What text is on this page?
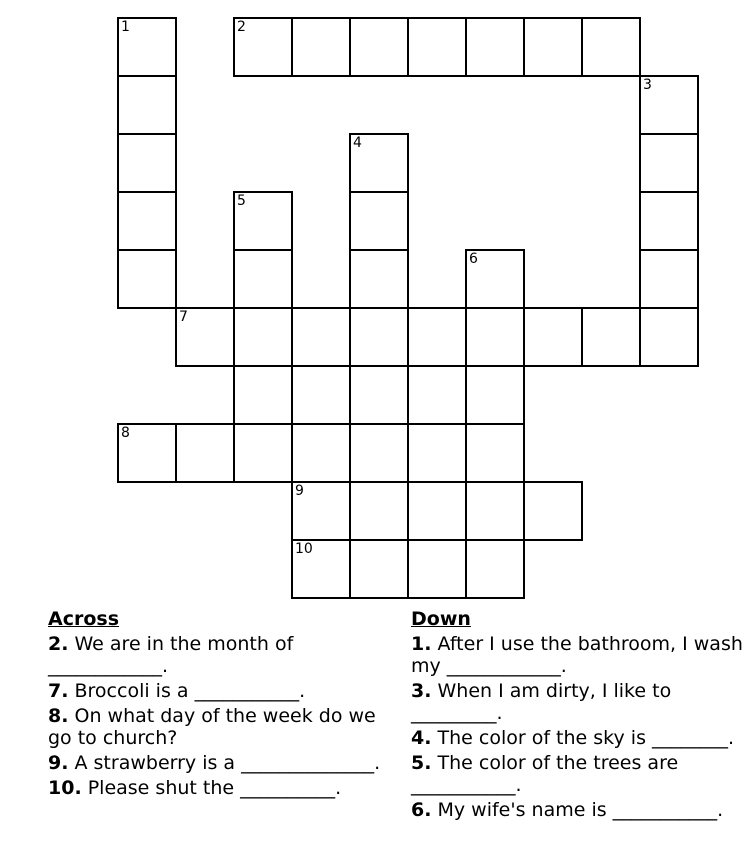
1	2
3
4
5
6
7
8
9
10
Across
2. We are in the month of ____________.
7. Broccoli is a ___________.
8. On what day of the week do we go to church?
9. A strawberry is a ______________.
10. Please shut the __________.
Down
1. After I use the bathroom, I wash my ____________.
3. When I am dirty, I like to _________.
4. The color of the sky is ________.
5. The color of the trees are ___________.
6. My wife's name is ___________.
